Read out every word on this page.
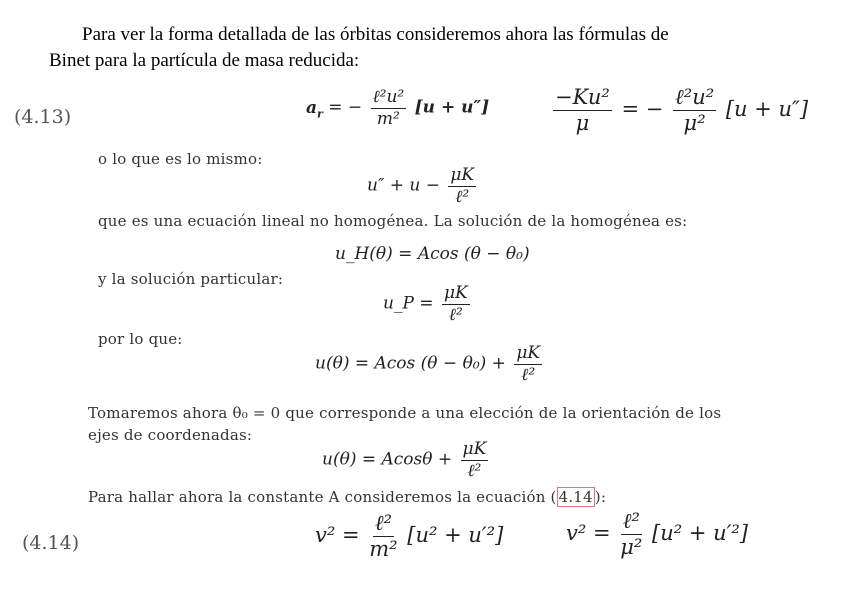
Para ver la forma detallada de las órbitas consideremos ahora las fórmulas de
Binet para la partícula de masa reducida:
(4.13)	$a_r$ = − $\frac{\text{ℓ²u²}}{\text{m²}} [u + u'']$	$\frac{\text{−Ku²}}{\mu}$ = − $\frac{\text{ℓ²u²}}{\text{μ²}} [u + u'']$
o lo que es lo mismo:
$u'' + u - \frac{\mu K}{\text{ℓ²}}$
que es una ecuación lineal no homogénea. La solución de la homogénea es:
u_H(θ) = Acos (θ − θ₀)
y la solución particular:
u_P = $\frac{\mu K}{\text{ℓ²}}$
por lo que:
u(θ) = Acos $(\theta - \theta_0) + \frac{\mu K}{\text{ℓ²}}$
Tomaremos ahora θ₀ = 0 que corresponde a una elección de la orientación de los
ejes de coordenadas:
$u(\theta) = Acos\theta + \frac{\mu K}{\text{ℓ²}}$
Para hallar ahora la constante A consideremos la ecuación ( 4.14 ):
(4.14)	$v^2 = \frac{\text{ℓ²}}{\text{m²}} [u^2 + u'^2]$	$v^2 = \frac{\text{ℓ²}}{\text{μ²}} [u^2 + u'^2]$
